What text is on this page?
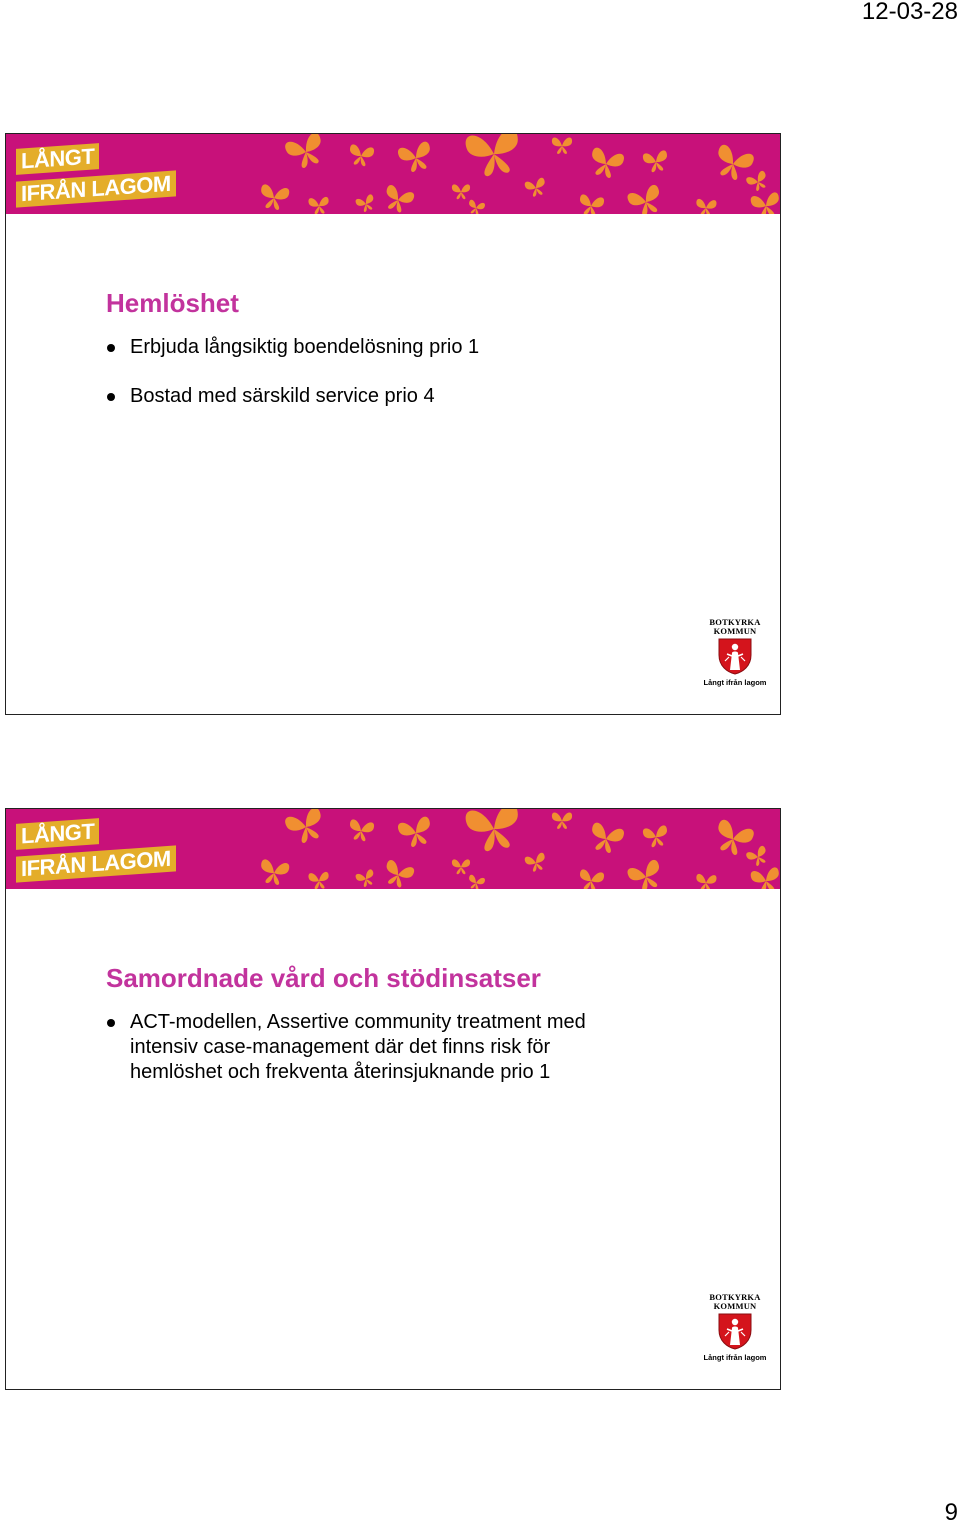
12-03-28
LÅNGT
IFRÅN LAGOM
Hemlöshet
Erbjuda långsiktig boendelösning prio 1
Bostad med särskild service prio 4
BOTKYRKA
KOMMUN
Långt ifrån lagom
LÅNGT
IFRÅN LAGOM
Samordnade vård och stödinsatser
ACT-modellen, Assertive community treatment med intensiv case-management där det finns risk för hemlöshet och frekventa återinsjuknande prio 1
BOTKYRKA
KOMMUN
Långt ifrån lagom
9
